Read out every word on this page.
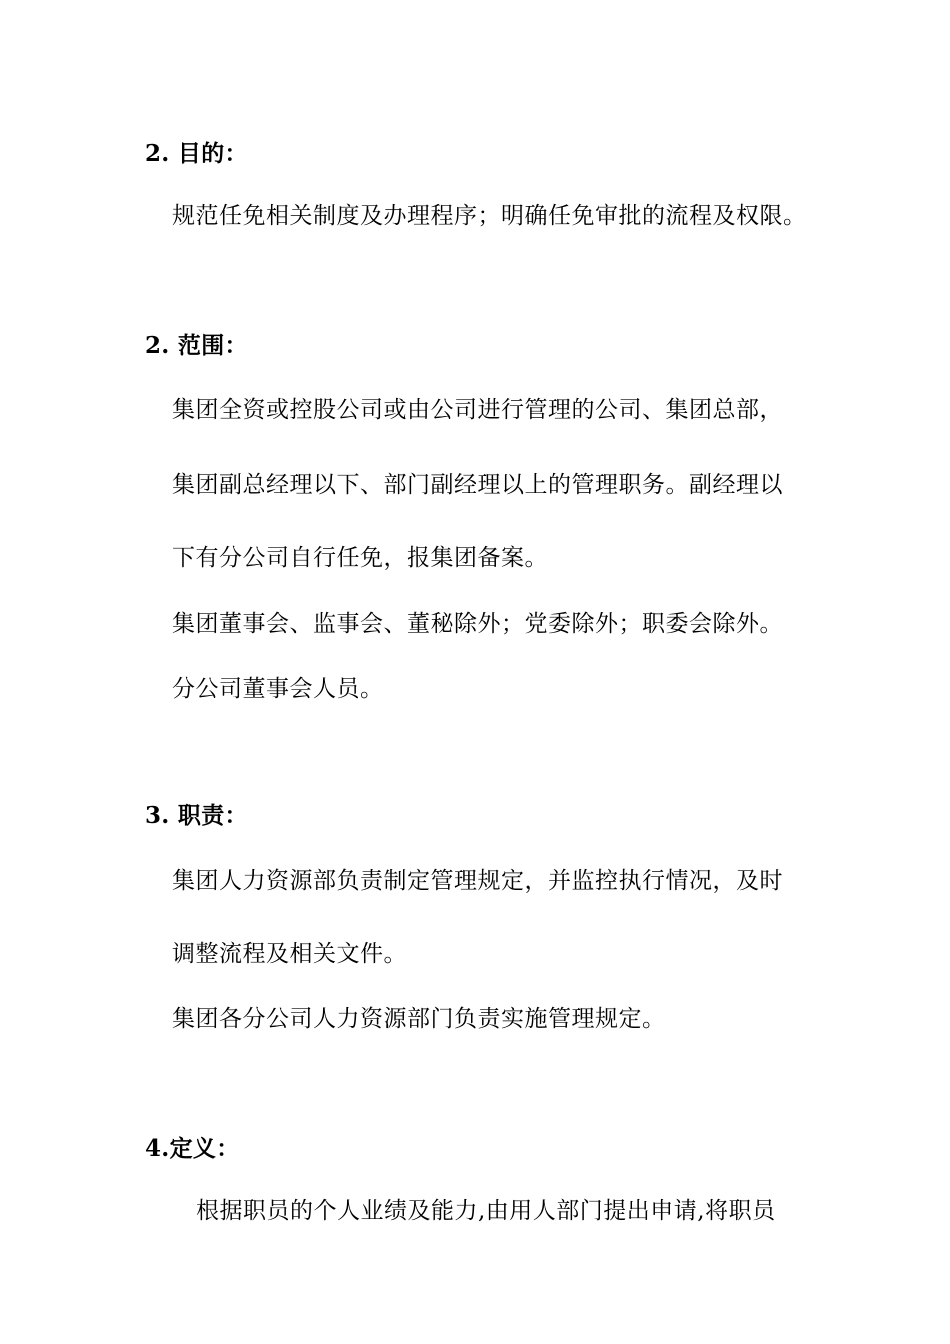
2. 目的：
规范任免相关制度及办理程序；明确任免审批的流程及权限。
2. 范围：
集团全资或控股公司或由公司进行管理的公司、集团总部，
集团副总经理以下、部门副经理以上的管理职务。副经理以
下有分公司自行任免，报集团备案。
集团董事会、监事会、董秘除外；党委除外；职委会除外。
分公司董事会人员。
3. 职责：
集团人力资源部负责制定管理规定，并监控执行情况，及时
调整流程及相关文件。
集团各分公司人力资源部门负责实施管理规定。
4.定义：
根据职员的个人业绩及能力,由用人部门提出申请,将职员
